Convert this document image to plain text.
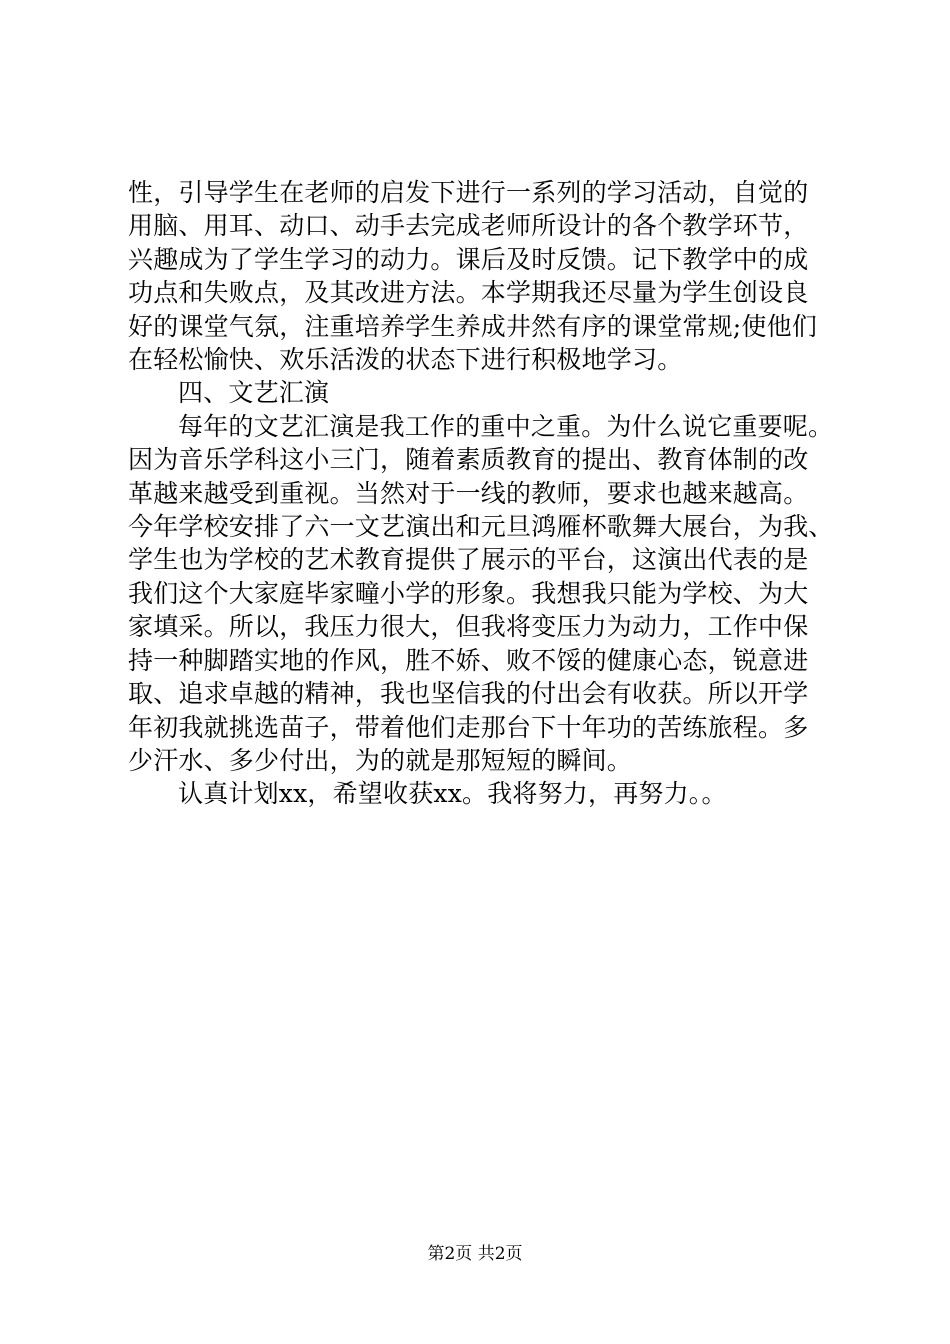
性，引导学生在老师的启发下进行一系列的学习活动，自觉的
用脑、用耳、动口、动手去完成老师所设计的各个教学环节，
兴趣成为了学生学习的动力。课后及时反馈。记下教学中的成
功点和失败点，及其改进方法。本学期我还尽量为学生创设良
好的课堂气氛，注重培养学生养成井然有序的课堂常规;使他们
在轻松愉快、欢乐活泼的状态下进行积极地学习。
四、文艺汇演
每年的文艺汇演是我工作的重中之重。为什么说它重要呢。
因为音乐学科这小三门，随着素质教育的提出、教育体制的改
革越来越受到重视。当然对于一线的教师，要求也越来越高。
今年学校安排了六一文艺演出和元旦鸿雁杯歌舞大展台，为我、
学生也为学校的艺术教育提供了展示的平台，这演出代表的是
我们这个大家庭毕家疃小学的形象。我想我只能为学校、为大
家填采。所以，我压力很大，但我将变压力为动力，工作中保
持一种脚踏实地的作风，胜不娇、败不馁的健康心态，锐意进
取、追求卓越的精神，我也坚信我的付出会有收获。所以开学
年初我就挑选苗子，带着他们走那台下十年功的苦练旅程。多
少汗水、多少付出，为的就是那短短的瞬间。
认真计划xx，希望收获xx。我将努力，再努力。。
第2页 共2页
